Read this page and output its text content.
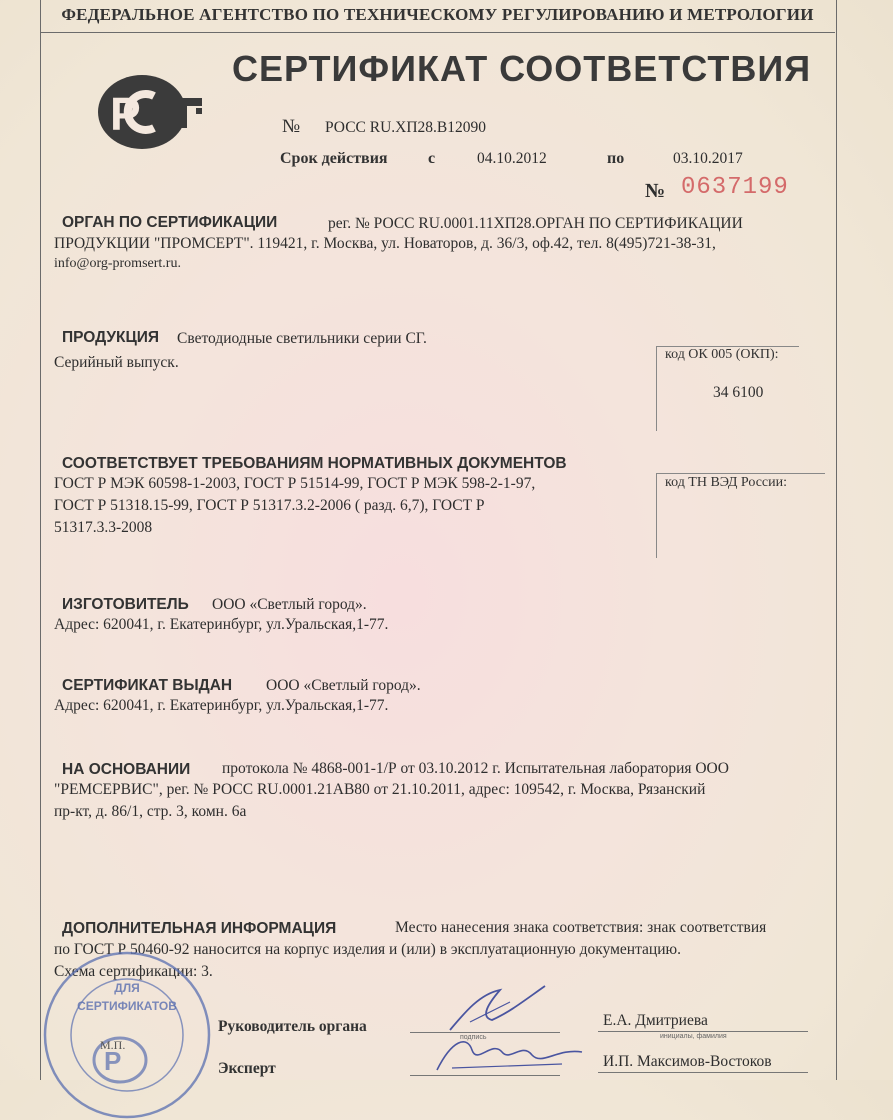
ФЕДЕРАЛЬНОЕ АГЕНТСТВО ПО ТЕХНИЧЕСКОМУ РЕГУЛИРОВАНИЮ И МЕТРОЛОГИИ
P
СЕРТИФИКАТ СООТВЕТСТВИЯ
№ РОСС RU.ХП28.В12090
Срок действия	с	04.10.2012	по	03.10.2017
№ 0637199
ОРГАН ПО СЕРТИФИКАЦИИ	рег. № РОСС RU.0001.11ХП28.ОРГАН ПО СЕРТИФИКАЦИИ
ПРОДУКЦИИ "ПРОМСЕРТ". 119421, г. Москва, ул. Новаторов, д. 36/3, оф.42, тел. 8(495)721-38-31,
info@org-promsert.ru.
ПРОДУКЦИЯ Светодиодные светильники серии СГ.
Серийный выпуск.	код ОК 005 (ОКП):
34 6100
СООТВЕТСТВУЕТ ТРЕБОВАНИЯМ НОРМАТИВНЫХ ДОКУМЕНТОВ
ГОСТ Р МЭК 60598-1-2003, ГОСТ Р 51514-99, ГОСТ Р МЭК 598-2-1-97,
ГОСТ Р 51318.15-99, ГОСТ Р 51317.3.2-2006 ( разд. 6,7), ГОСТ Р
51317.3.3-2008
код ТН ВЭД России:
ИЗГОТОВИТЕЛЬ ООО «Светлый город».
Адрес: 620041, г. Екатеринбург, ул.Уральская,1-77.
СЕРТИФИКАТ ВЫДАН ООО «Светлый город».
Адрес: 620041, г. Екатеринбург, ул.Уральская,1-77.
НА ОСНОВАНИИ протокола № 4868-001-1/Р от 03.10.2012 г. Испытательная лаборатория ООО
"РЕМСЕРВИС", рег. № РОСС RU.0001.21АВ80 от 21.10.2011, адрес: 109542, г. Москва, Рязанский
пр-кт, д. 86/1, стр. 3, комн. 6а
ДОПОЛНИТЕЛЬНАЯ ИНФОРМАЦИЯ	Место нанесения знака соответствия: знак соответствия
по ГОСТ Р 50460-92 наносится на корпус изделия и (или) в эксплуатационную документацию.
Схема сертификации: 3.
ДЛЯ
СЕРТИФИКАТОВ
P
М.П.
Руководитель органа
подпись
Е.А. Дмитриева
инициалы, фамилия
Эксперт	И.П. Максимов-Востоков
